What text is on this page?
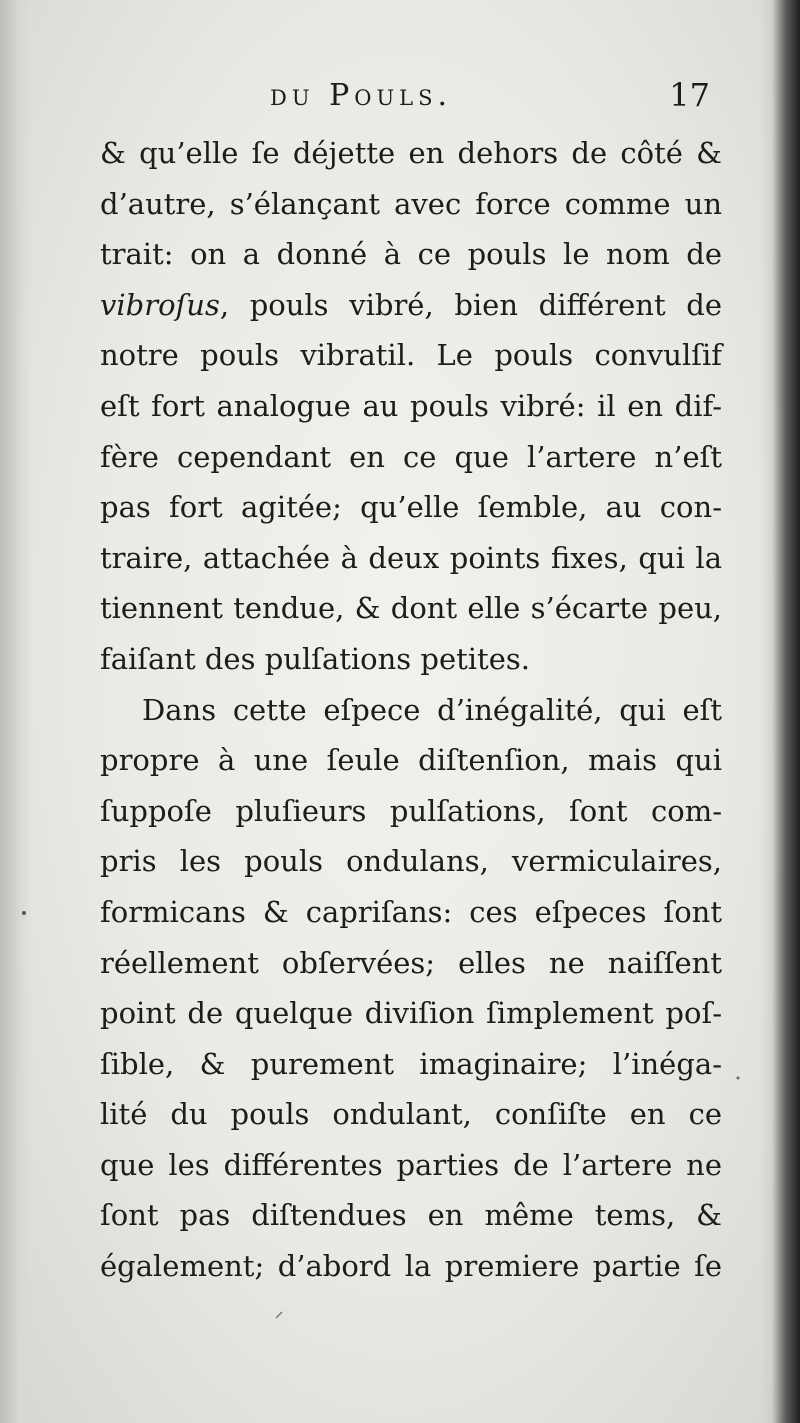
du Pouls.	17
& qu’elle ſe déjette en dehors de côté &
d’autre, s’élançant avec force comme un
trait: on a donné à ce pouls le nom de
vibroſus, pouls vibré, bien différent de
notre pouls vibratil. Le pouls convulſif
eſt fort analogue au pouls vibré: il en dif-
fère cependant en ce que l’artere n’eſt
pas fort agitée; qu’elle ſemble, au con-
traire, attachée à deux points fixes, qui la
tiennent tendue, & dont elle s’écarte peu,
faiſant des pulſations petites.
Dans cette eſpece d’inégalité, qui eſt
propre à une ſeule diſtenſion, mais qui
ſuppoſe pluſieurs pulſations, ſont com-
pris les pouls ondulans, vermiculaires,
formicans & capriſans: ces eſpeces ſont
réellement obſervées; elles ne naiſſent
point de quelque diviſion ſimplement poſ-
ſible, & purement imaginaire; l’inéga-
lité du pouls ondulant, conſiſte en ce
que les différentes parties de l’artere ne
ſont pas diſtendues en même tems, &
également; d’abord la premiere partie ſe
